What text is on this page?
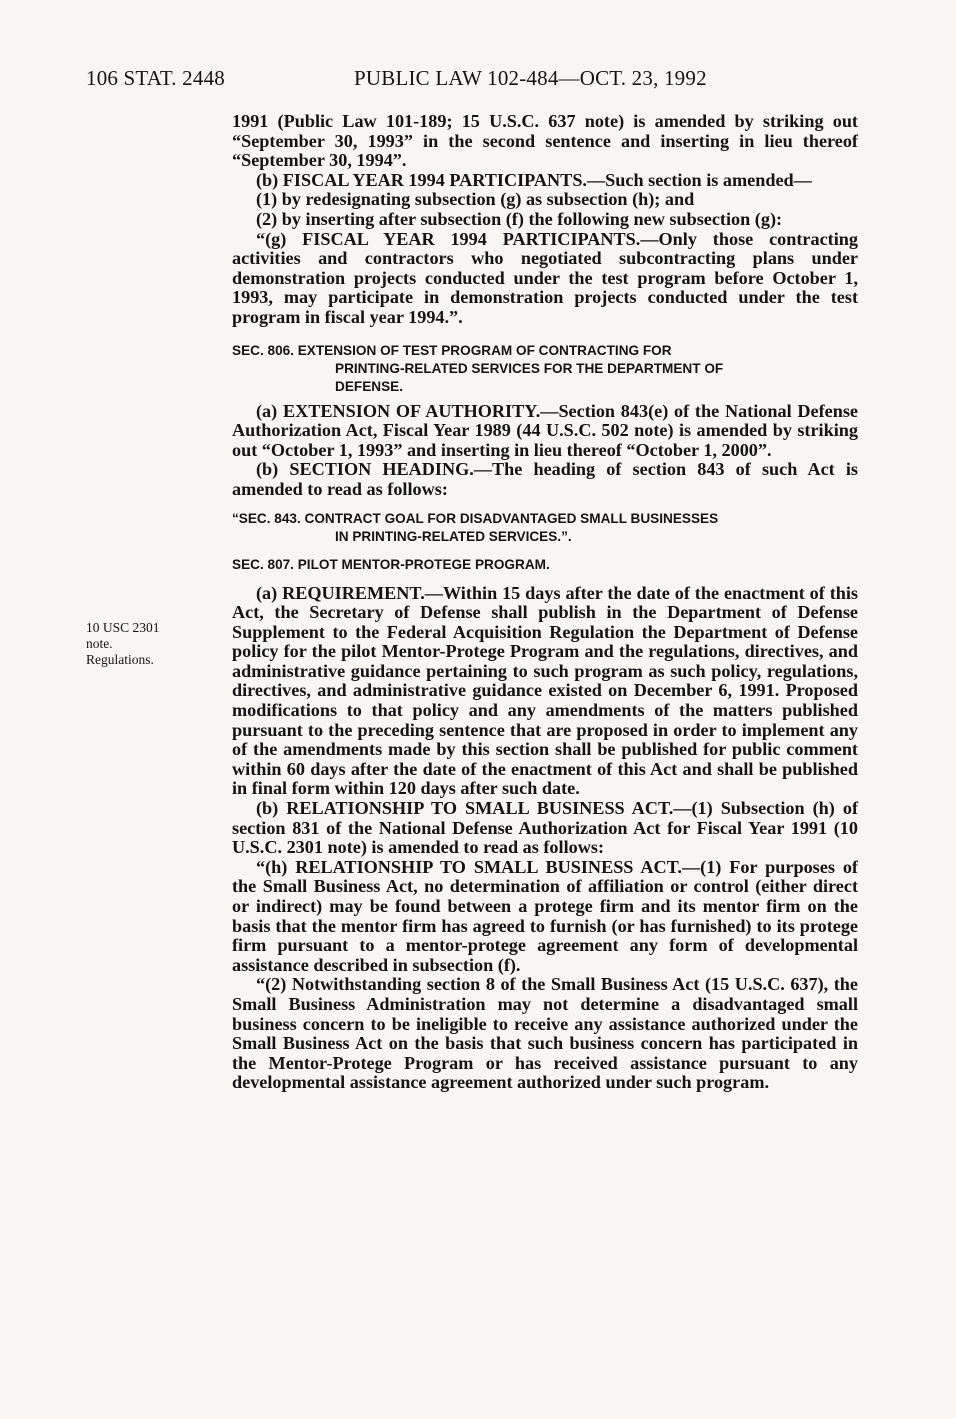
106 STAT. 2448	PUBLIC LAW 102-484—OCT. 23, 1992
10 USC 2301
note.
Regulations.

1991 (Public Law 101-189; 15 U.S.C. 637 note) is amended by striking out “September 30, 1993” in the second sentence and inserting in lieu thereof “September 30, 1994”.

(b) FISCAL YEAR 1994 PARTICIPANTS.—Such section is amended—

(1) by redesignating subsection (g) as subsection (h); and

(2) by inserting after subsection (f) the following new subsection (g):

“(g) FISCAL YEAR 1994 PARTICIPANTS.—Only those contracting activities and contractors who negotiated subcontracting plans under demonstration projects conducted under the test program before October 1, 1993, may participate in demonstration projects conducted under the test program in fiscal year 1994.”.

SEC. 806. EXTENSION OF TEST PROGRAM OF CONTRACTING FOR
PRINTING-RELATED SERVICES FOR THE DEPARTMENT OF
DEFENSE.

(a) EXTENSION OF AUTHORITY.—Section 843(e) of the National Defense Authorization Act, Fiscal Year 1989 (44 U.S.C. 502 note) is amended by striking out “October 1, 1993” and inserting in lieu thereof “October 1, 2000”.

(b) SECTION HEADING.—The heading of section 843 of such Act is amended to read as follows:

“SEC. 843. CONTRACT GOAL FOR DISADVANTAGED SMALL BUSINESSES
IN PRINTING-RELATED SERVICES.”.

SEC. 807. PILOT MENTOR-PROTEGE PROGRAM.

(a) REQUIREMENT.—Within 15 days after the date of the enactment of this Act, the Secretary of Defense shall publish in the Department of Defense Supplement to the Federal Acquisition Regulation the Department of Defense policy for the pilot Mentor-Protege Program and the regulations, directives, and administrative guidance pertaining to such program as such policy, regulations, directives, and administrative guidance existed on December 6, 1991. Proposed modifications to that policy and any amendments of the matters published pursuant to the preceding sentence that are proposed in order to implement any of the amendments made by this section shall be published for public comment within 60 days after the date of the enactment of this Act and shall be published in final form within 120 days after such date.

(b) RELATIONSHIP TO SMALL BUSINESS ACT.—(1) Subsection (h) of section 831 of the National Defense Authorization Act for Fiscal Year 1991 (10 U.S.C. 2301 note) is amended to read as follows:

“(h) RELATIONSHIP TO SMALL BUSINESS ACT.—(1) For purposes of the Small Business Act, no determination of affiliation or control (either direct or indirect) may be found between a protege firm and its mentor firm on the basis that the mentor firm has agreed to furnish (or has furnished) to its protege firm pursuant to a mentor-protege agreement any form of developmental assistance described in subsection (f).

“(2) Notwithstanding section 8 of the Small Business Act (15 U.S.C. 637), the Small Business Administration may not determine a disadvantaged small business concern to be ineligible to receive any assistance authorized under the Small Business Act on the basis that such business concern has participated in the Mentor-Protege Program or has received assistance pursuant to any developmental assistance agreement authorized under such program.
